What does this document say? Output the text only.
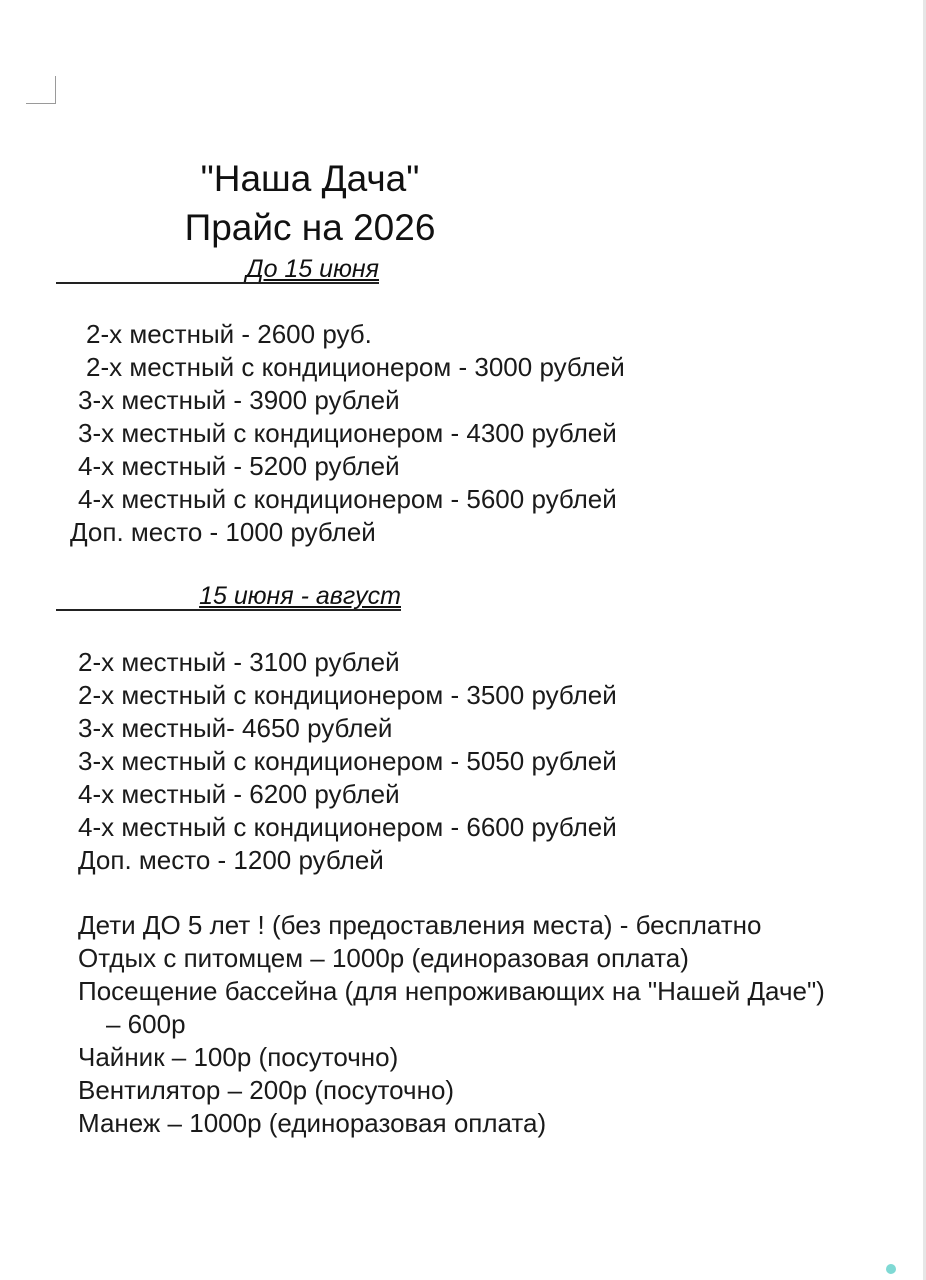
"Наша Дача"
Прайс на 2026
До 15 июня
2-х местный - 2600 руб.
2-х местный с кондиционером - 3000 рублей
3-х местный - 3900 рублей
3-х местный с кондиционером - 4300 рублей
4-х местный - 5200 рублей
4-х местный с кондиционером - 5600 рублей
Доп. место - 1000 рублей
15 июня - август
2-х местный - 3100 рублей
2-х местный с кондиционером - 3500 рублей
3-х местный- 4650 рублей
3-х местный с кондиционером - 5050 рублей
4-х местный - 6200 рублей
4-х местный с кондиционером - 6600 рублей
Доп. место - 1200 рублей
Дети ДО 5 лет ! (без предоставления места) - бесплатно
Отдых с питомцем – 1000р (единоразовая оплата)
Посещение бассейна (для непроживающих на "Нашей Даче")
– 600р
Чайник – 100р (посуточно)
Вентилятор – 200р (посуточно)
Манеж – 1000р (единоразовая оплата)
